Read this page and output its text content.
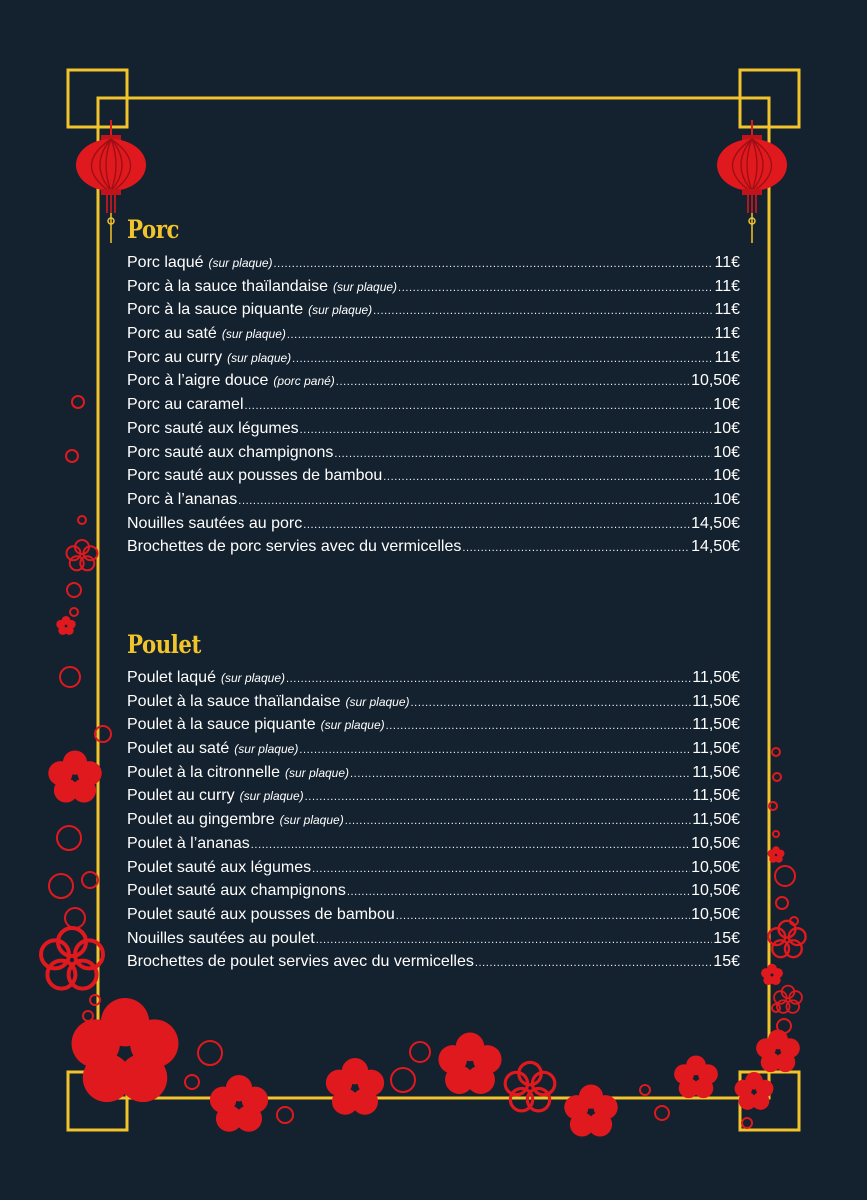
Porc
Porc laqué (sur plaque) .....	11€
Porc à la sauce thaïlandaise (sur plaque) .....	11€
Porc à la sauce piquante (sur plaque) .....	11€
Porc au saté (sur plaque) .....	11€
Porc au curry (sur plaque) .....	11€
Porc à l’aigre douce (porc pané) .....	10,50€
Porc au caramel .....	10€
Porc sauté aux légumes .....	10€
Porc sauté aux champignons .....	10€
Porc sauté aux pousses de bambou .....	10€
Porc à l’ananas .....	10€
Nouilles sautées au porc .....	14,50€
Brochettes de porc servies avec du vermicelles .....	14,50€
Poulet
Poulet laqué (sur plaque) .....	11,50€
Poulet à la sauce thaïlandaise (sur plaque) .....	11,50€
Poulet à la sauce piquante (sur plaque) .....	11,50€
Poulet au saté (sur plaque) .....	11,50€
Poulet à la citronnelle (sur plaque) .....	11,50€
Poulet au curry (sur plaque) .....	11,50€
Poulet au gingembre (sur plaque) .....	11,50€
Poulet à l’ananas .....	10,50€
Poulet sauté aux légumes .....	10,50€
Poulet sauté aux champignons .....	10,50€
Poulet sauté aux pousses de bambou .....	10,50€
Nouilles sautées au poulet .....	15€
Brochettes de poulet servies avec du vermicelles .....	15€
